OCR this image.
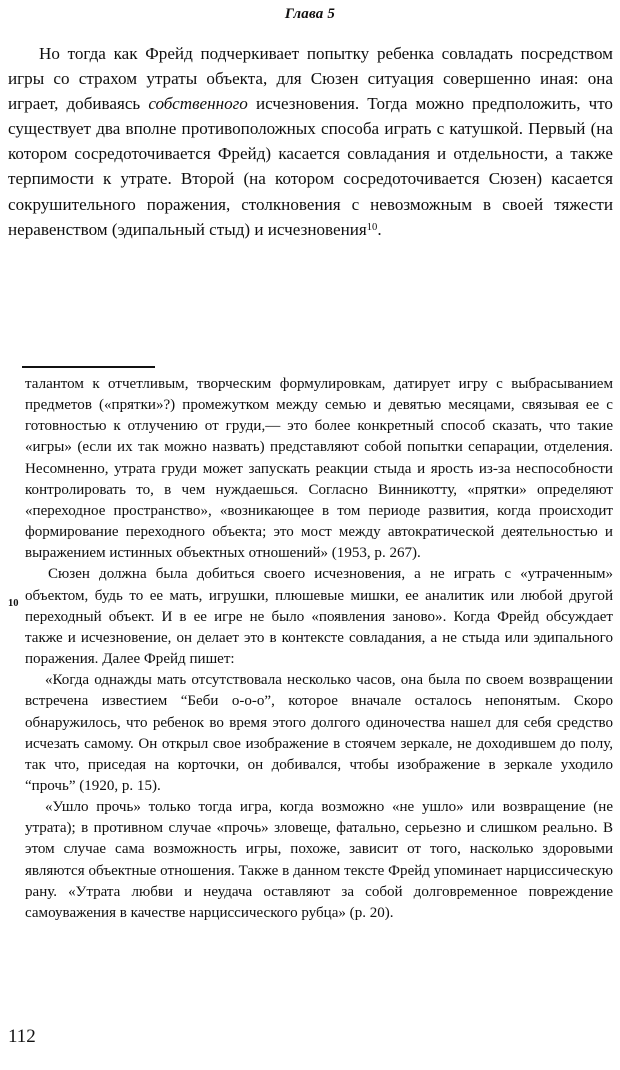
Глава 5

Но тогда как Фрейд подчеркивает попытку ребенка совладать посредством игры со страхом утраты объекта, для Сюзен ситуация совершенно иная: она играет, добиваясь собственного исчезновения. Тогда можно предположить, что существует два вполне противоположных способа играть с катушкой. Первый (на котором сосредоточивается Фрейд) касается совладания и отдельности, а также терпимости к утрате. Второй (на котором сосредоточивается Сюзен) касается сокрушительного поражения, столкновения с невозможным в своей тяжести неравенством (эдипальный стыд) и исчезновения$^{10}$.

талантом к отчетливым, творческим формулировкам, датирует игру с выбрасыванием предметов («прятки»?) промежутком между семью и девятью месяцами, связывая ее с готовностью к отлучению от груди,— это более конкретный способ сказать, что такие «игры» (если их так можно назвать) представляют собой попытки сепарации, отделения. Несомненно, утрата груди может запускать реакции стыда и ярость из-за неспособности контролировать то, в чем нуждаешься. Согласно Винникотту, «прятки» определяют «переходное пространство», «возникающее в том периоде развития, когда происходит формирование переходного объекта; это мост между автократической деятельностью и выражением истинных объектных отношений» (1953, p. 267).

Сюзен должна была добиться своего исчезновения, а не играть с «утраченным» объектом, будь то ее мать, игрушки, плюшевые мишки, ее аналитик или любой другой переходный объект. И в ее игре не было «появления заново». Когда Фрейд обсуждает также и исчезновение, он делает это в контексте совладания, а не стыда или эдипального поражения. Далее Фрейд пишет:

«Когда однажды мать отсутствовала несколько часов, она была по своем возвращении встречена известием “Беби о-о-о”, которое вначале осталось непонятым. Скоро обнаружилось, что ребенок во время этого долгого одиночества нашел для себя средство исчезать самому. Он открыл свое изображение в стоячем зеркале, не доходившем до полу, так что, приседая на корточки, он добивался, чтобы изображение в зеркале уходило “прочь” (1920, p. 15).

«Ушло прочь» только тогда игра, когда возможно «не ушло» или возвращение (не утрата); в противном случае «прочь» зловеще, фатально, серьезно и слишком реально. В этом случае сама возможность игры, похоже, зависит от того, насколько здоровыми являются объектные отношения. Также в данном тексте Фрейд упоминает нарциссическую рану. «Утрата любви и неудача оставляют за собой долговременное повреждение самоуважения в качестве нарциссического рубца» (p. 20).

10
112
